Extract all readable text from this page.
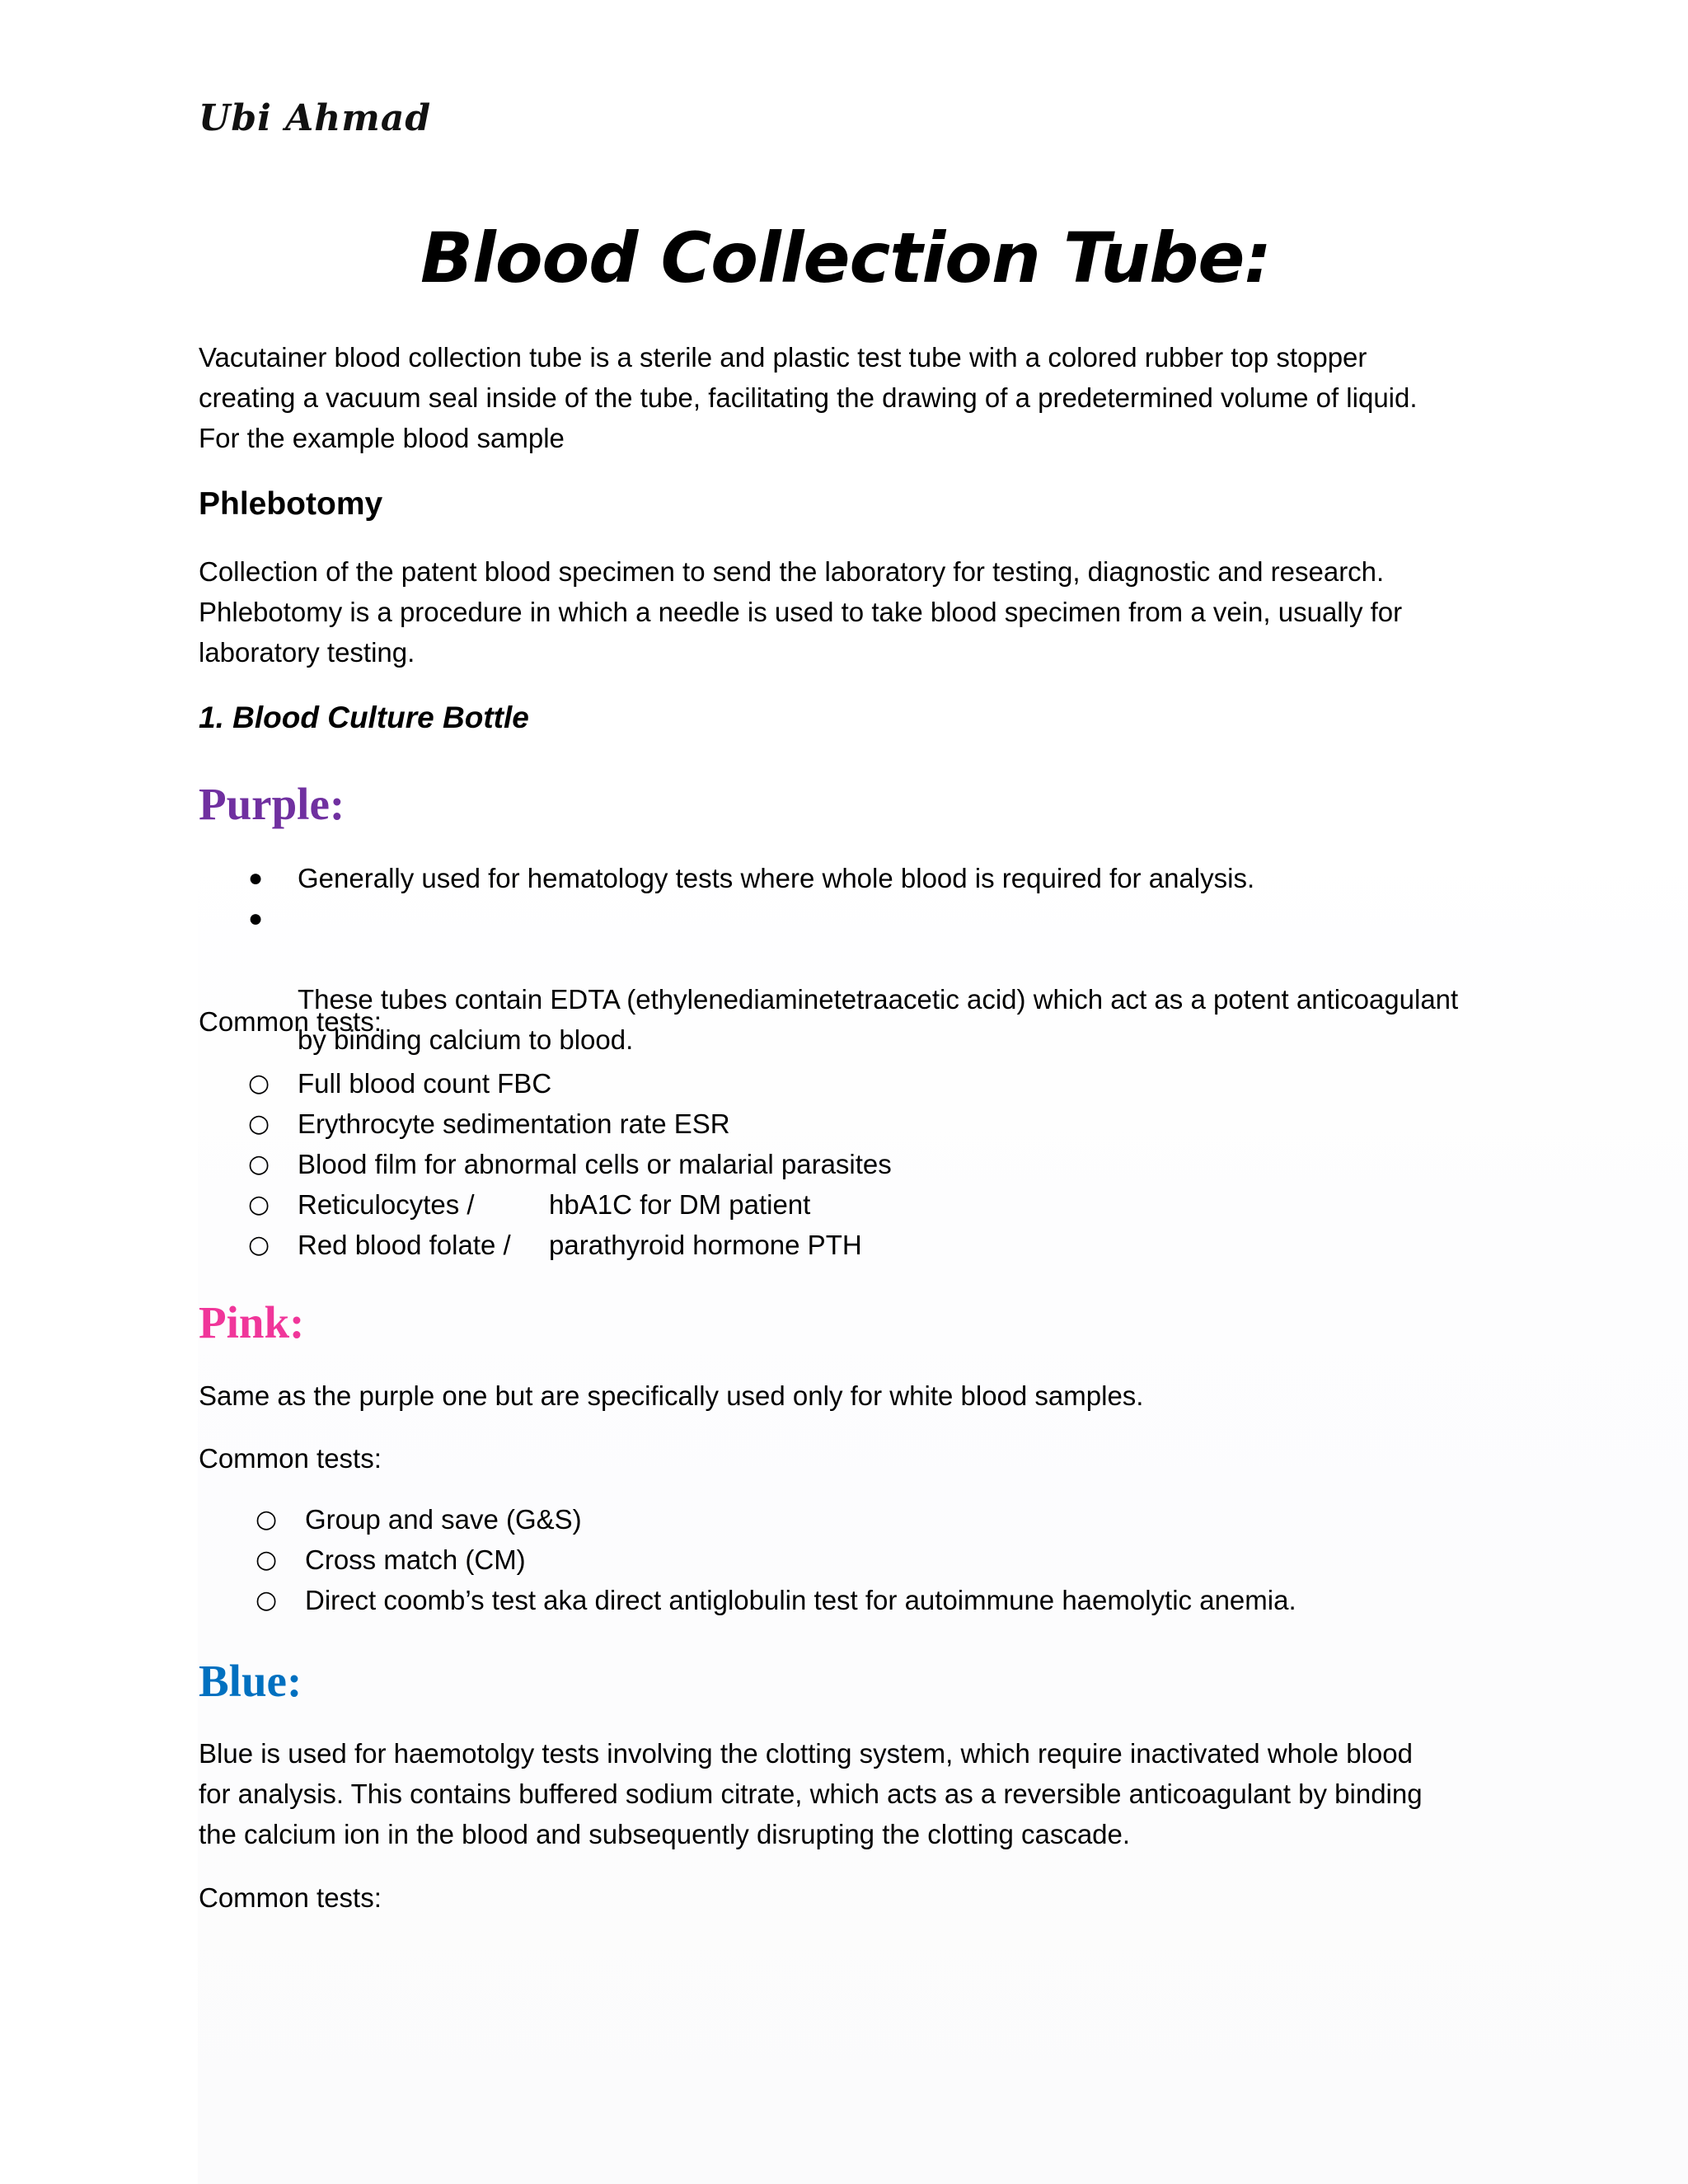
Ubi Ahmad
Blood Collection Tube:
Vacutainer blood collection tube is a sterile and plastic test tube with a colored rubber top stopper
creating a vacuum seal inside of the tube, facilitating the drawing of a predetermined volume of liquid.
For the example blood sample
Phlebotomy
Collection of the patent blood specimen to send the laboratory for testing, diagnostic and research.
Phlebotomy is a procedure in which a needle is used to take blood specimen from a vein, usually for
laboratory testing.
1. Blood Culture Bottle
Purple:
● Generally used for hematology tests where whole blood is required for analysis.

●

These tubes contain EDTA (ethylenediaminetetraacetic acid) which act as a potent anticoagulant
by binding calcium to blood.

Common tests:
○ Full blood count FBC
○ Erythrocyte sedimentation rate ESR
○ Blood film for abnormal cells or malarial parasites
○ Reticulocytes /	hbA1C for DM patient
○ Red blood folate / parathyroid hormone PTH
Pink:
Same as the purple one but are specifically used only for white blood samples.
Common tests:
○ Group and save (G&S)
○ Cross match (CM)
○ Direct coomb’s test aka direct antiglobulin test for autoimmune haemolytic anemia.
Blue:
Blue is used for haemotolgy tests involving the clotting system, which require inactivated whole blood
for analysis. This contains buffered sodium citrate, which acts as a reversible anticoagulant by binding
the calcium ion in the blood and subsequently disrupting the clotting cascade.
Common tests:
